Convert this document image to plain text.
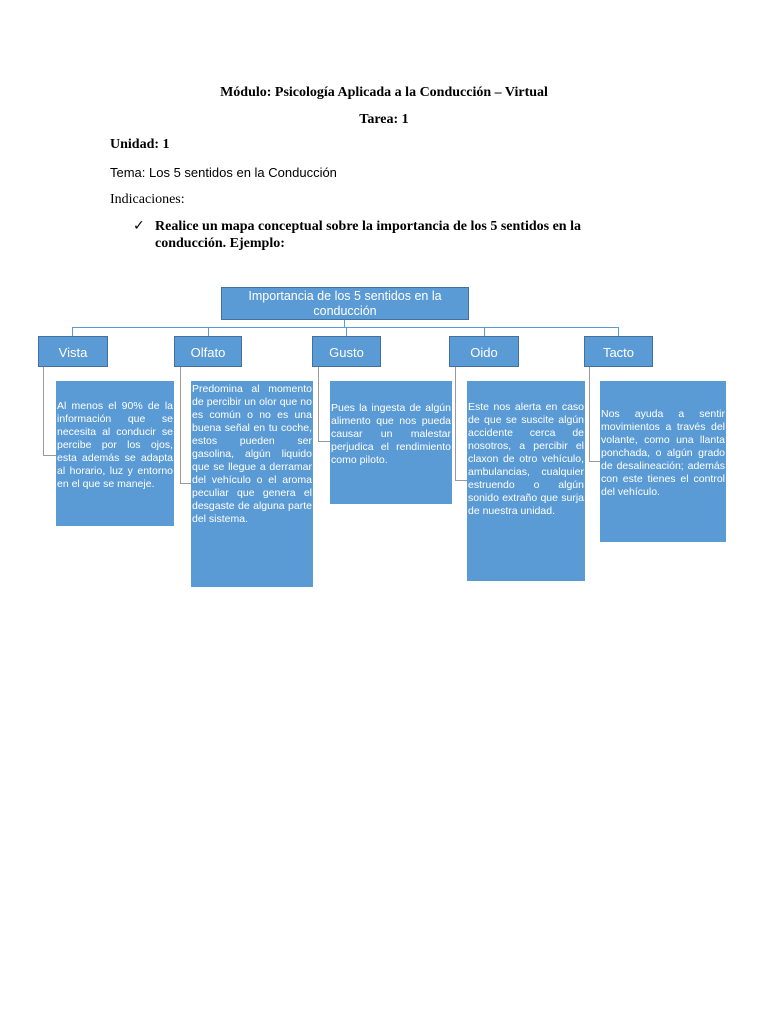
Módulo: Psicología Aplicada a la Conducción – Virtual
Tarea: 1
Unidad: 1
Tema: Los 5 sentidos en la Conducción
Indicaciones:
✓ Realice un mapa conceptual sobre la importancia de los 5 sentidos en la conducción. Ejemplo:
Importancia de los 5 sentidos en la conducción
Vista	Olfato	Gusto	Oido	Tacto
Al menos el 90% de la información que se necesita al conducir se percibe por los ojos, esta además se adapta al horario, luz y entorno en el que se maneje.
Predomina al momento de percibir un olor que no es común o no es una buena señal en tu coche, estos pueden ser gasolina, algún liquido que se llegue a derramar del vehículo o el aroma peculiar que genera el desgaste de alguna parte del sistema.
Pues la ingesta de algún alimento que nos pueda causar un malestar perjudica el rendimiento como piloto.
Este nos alerta en caso de que se suscite algún accidente cerca de nosotros, a percibir el claxon de otro vehículo, ambulancias, cualquier estruendo o algún sonido extraño que surja de nuestra unidad.
Nos ayuda a sentir movimientos a través del volante, como una llanta ponchada, o algún grado de desalineación; además con este tienes el control del vehículo.
